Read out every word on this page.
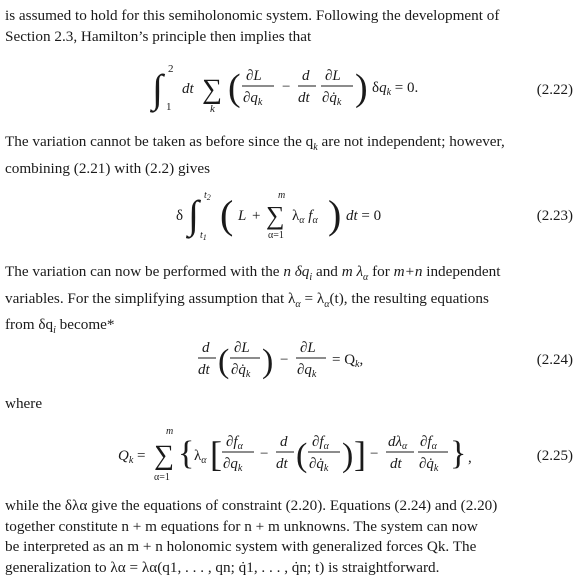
is assumed to hold for this semiholonomic system. Following the development of
Section 2.3, Hamilton’s principle then implies that
∫ 2
1
dt ∑
k ( ∂L
$\partial q_k$
−
d
dt
∂L
$\partial q̇_k$ ) $\delta q_k = 0$.	(2.22)
The variation cannot be taken as before since the $q_k$ are not independent; however,
combining (2.21) with (2.2) gives
δ ∫ $t_2$
$t_1$
( L + ∑
m
α=1
$\lambda_\alpha$ $f_\alpha$ ) dt = 0	(2.23)
The variation can now be performed with the n $\delta q_i$ and m $\lambda_\alpha$ for m+n independent
variables. For the simplifying assumption that $\lambda_\alpha = \lambda_\alpha(t)$, the resulting equations
from $\delta q_i$ become*
d
dt ( ∂L
$\partial q̇_k$ ) −
∂L
$\partial q_k$
= $Q_k$,	(2.24)
where
$Q_k$ = ∑
m
α=1
{ $\lambda_\alpha$ [ $\partial f_\alpha$
$\partial q_k$
−
d
dt ( $\partial f_\alpha$
$\partial q̇_k$ ) ] −
$d\lambda_\alpha$
dt
$\partial f_\alpha$
$\partial q̇_k$ } ,	(2.25)
while the δλα give the equations of constraint (2.20). Equations (2.24) and (2.20)
together constitute n + m equations for n + m unknowns. The system can now
be interpreted as an m + n holonomic system with generalized forces Qk. The
generalization to λα = λα(q1, . . . , qn; q̇1, . . . , q̇n; t) is straightforward.
